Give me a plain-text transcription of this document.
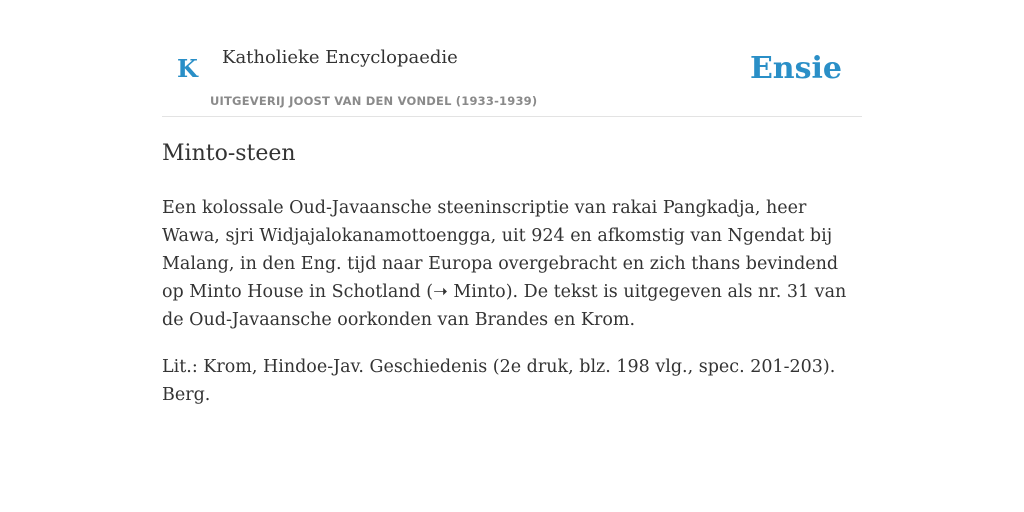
K Katholieke Encyclopaedie
UITGEVERIJ JOOST VAN DEN VONDEL (1933-1939)
Ensie
Minto-steen

Een kolossale Oud-Javaansche steeninscriptie van rakai Pangkadja, heer Wawa, sjri Widjajalokanamottoengga, uit 924 en afkomstig van Ngendat bij Malang, in den Eng. tijd naar Europa overgebracht en zich thans bevindend op Minto House in Schotland (➝ Minto). De tekst is uitgegeven als nr. 31 van de Oud-Javaansche oorkonden van Brandes en Krom.

Lit.: Krom, Hindoe-Jav. Geschiedenis (2e druk, blz. 198 vlg., spec. 201-203). Berg.
